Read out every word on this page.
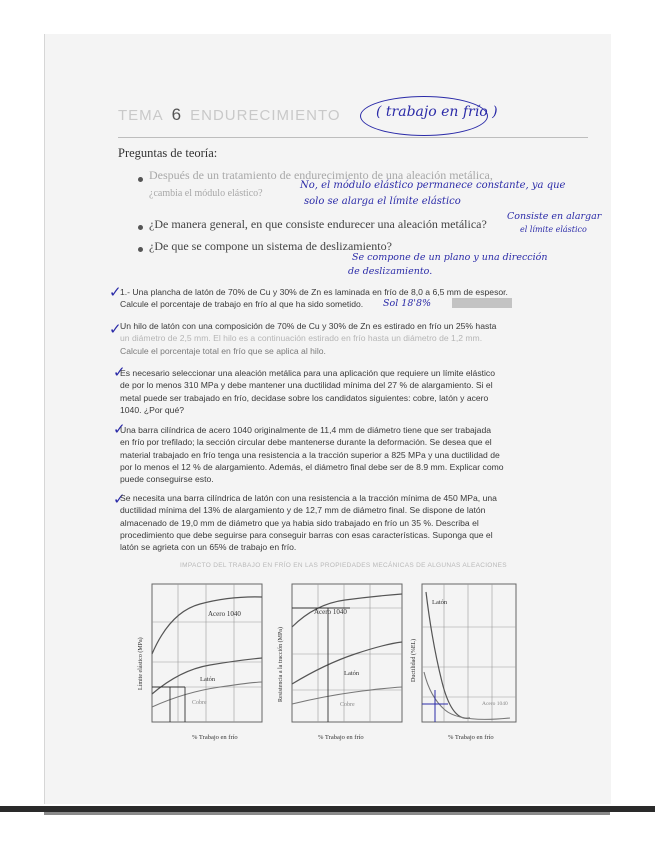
TEMA 6 ENDURECIMIENTO	( trabajo en frío )
Preguntas de teoría:
Después de un tratamiento de endurecimiento de una aleación metálica,
¿cambia el módulo elástico?
No, el módulo elástico permanece constante, ya que
solo se alarga el límite elástico
¿De manera general, en que consiste endurecer una aleación metálica?
Consiste en alargar
el límite elástico
¿De que se compone un sistema de deslizamiento?
Se compone de un plano y una dirección
de deslizamiento.
✓
1.- Una plancha de latón de 70% de Cu y 30% de Zn es laminada en frío de 8,0 a 6,5 mm de espesor.
Calcule el porcentaje de trabajo en frío al que ha sido sometido.	Sol 18'8%
✓
Un hilo de latón con una composición de 70% de Cu y 30% de Zn es estirado en frío un 25% hasta
un diámetro de 2,5 mm. El hilo es a continuación estirado en frío hasta un diámetro de 1,2 mm.
Calcule el porcentaje total en frío que se aplica al hilo.
✓
Es necesario seleccionar una aleación metálica para una aplicación que requiere un límite elástico
de por lo menos 310 MPa y debe mantener una ductilidad mínima del 27 % de alargamiento. Si el
metal puede ser trabajado en frío, decidase sobre los candidatos siguientes: cobre, latón y acero
1040. ¿Por qué?
✓
Una barra cilíndrica de acero 1040 originalmente de 11,4 mm de diámetro tiene que ser trabajada
en frío por trefilado; la sección circular debe mantenerse durante la deformación. Se desea que el
material trabajado en frío tenga una resistencia a la tracción superior a 825 MPa y una ductilidad de
por lo menos el 12 % de alargamiento. Además, el diámetro final debe ser de 8.9 mm. Explicar como
puede conseguirse esto.
✓
Se necesita una barra cilíndrica de latón con una resistencia a la tracción mínima de 450 MPa, una
ductilidad mínima del 13% de alargamiento y de 12,7 mm de diámetro final. Se dispone de latón
almacenado de 19,0 mm de diámetro que ya habia sido trabajado en frío un 35 %. Describa el
procedimiento que debe seguirse para conseguir barras con esas características. Suponga que el
latón se agrieta con un 65% de trabajo en frío.
IMPACTO DEL TRABAJO EN FRÍO EN LAS PROPIEDADES MECÁNICAS DE ALGUNAS ALEACIONES
Acero 1040
Latón
Cobre
% Trabajo en frío
Límite elástico (MPa)
Acero 1040
Latón
Cobre
% Trabajo en frío
Resistencia a la tracción (MPa)
Latón
Acero 1040
% Trabajo en frío
Ductilidad (%EL)
